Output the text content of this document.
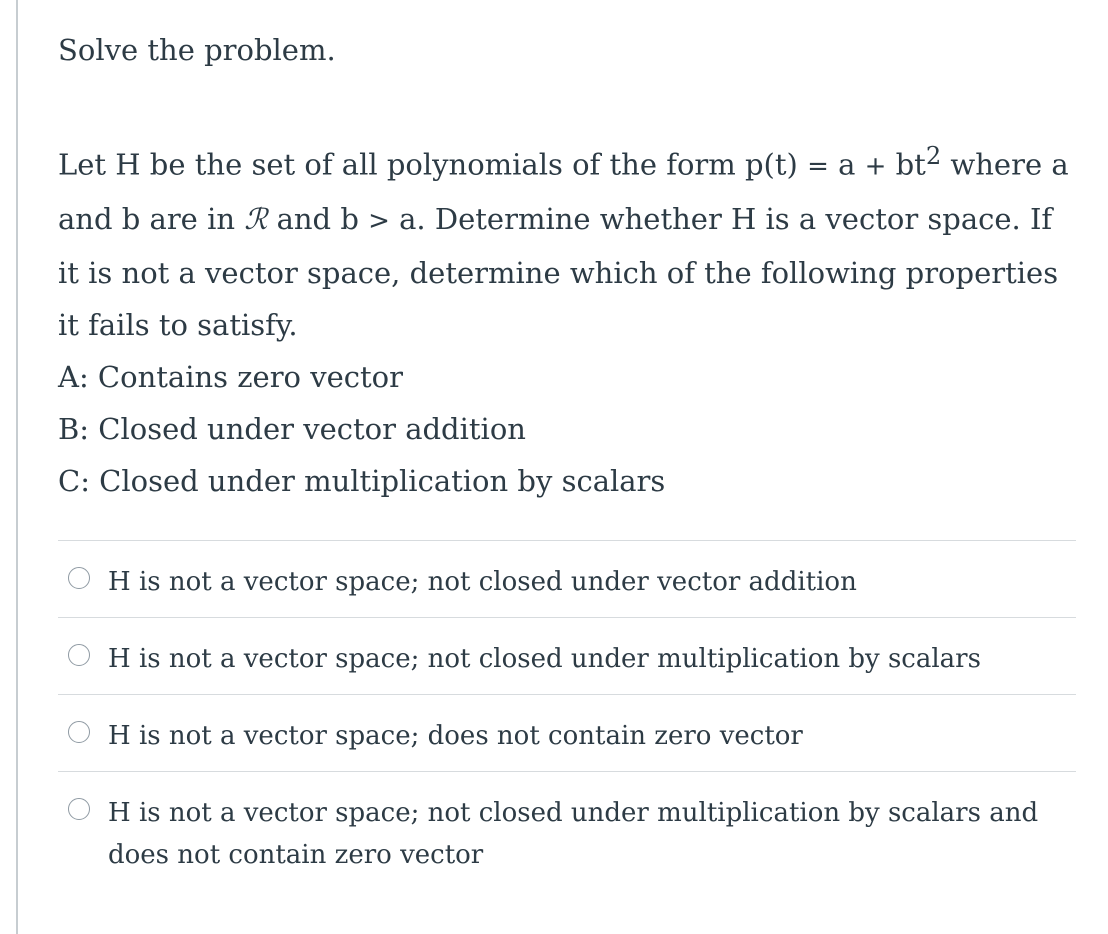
Solve the problem.

Let H be the set of all polynomials of the form $p(t) = a + bt^2$ where a and b are in ℛ and b > a. Determine whether H is a vector space. If it is not a vector space, determine which of the following properties it fails to satisfy.
A: Contains zero vector
B: Closed under vector addition
C: Closed under multiplication by scalars

H is not a vector space; not closed under vector addition

H is not a vector space; not closed under multiplication by scalars

H is not a vector space; does not contain zero vector

H is not a vector space; not closed under multiplication by scalars and does not contain zero vector
